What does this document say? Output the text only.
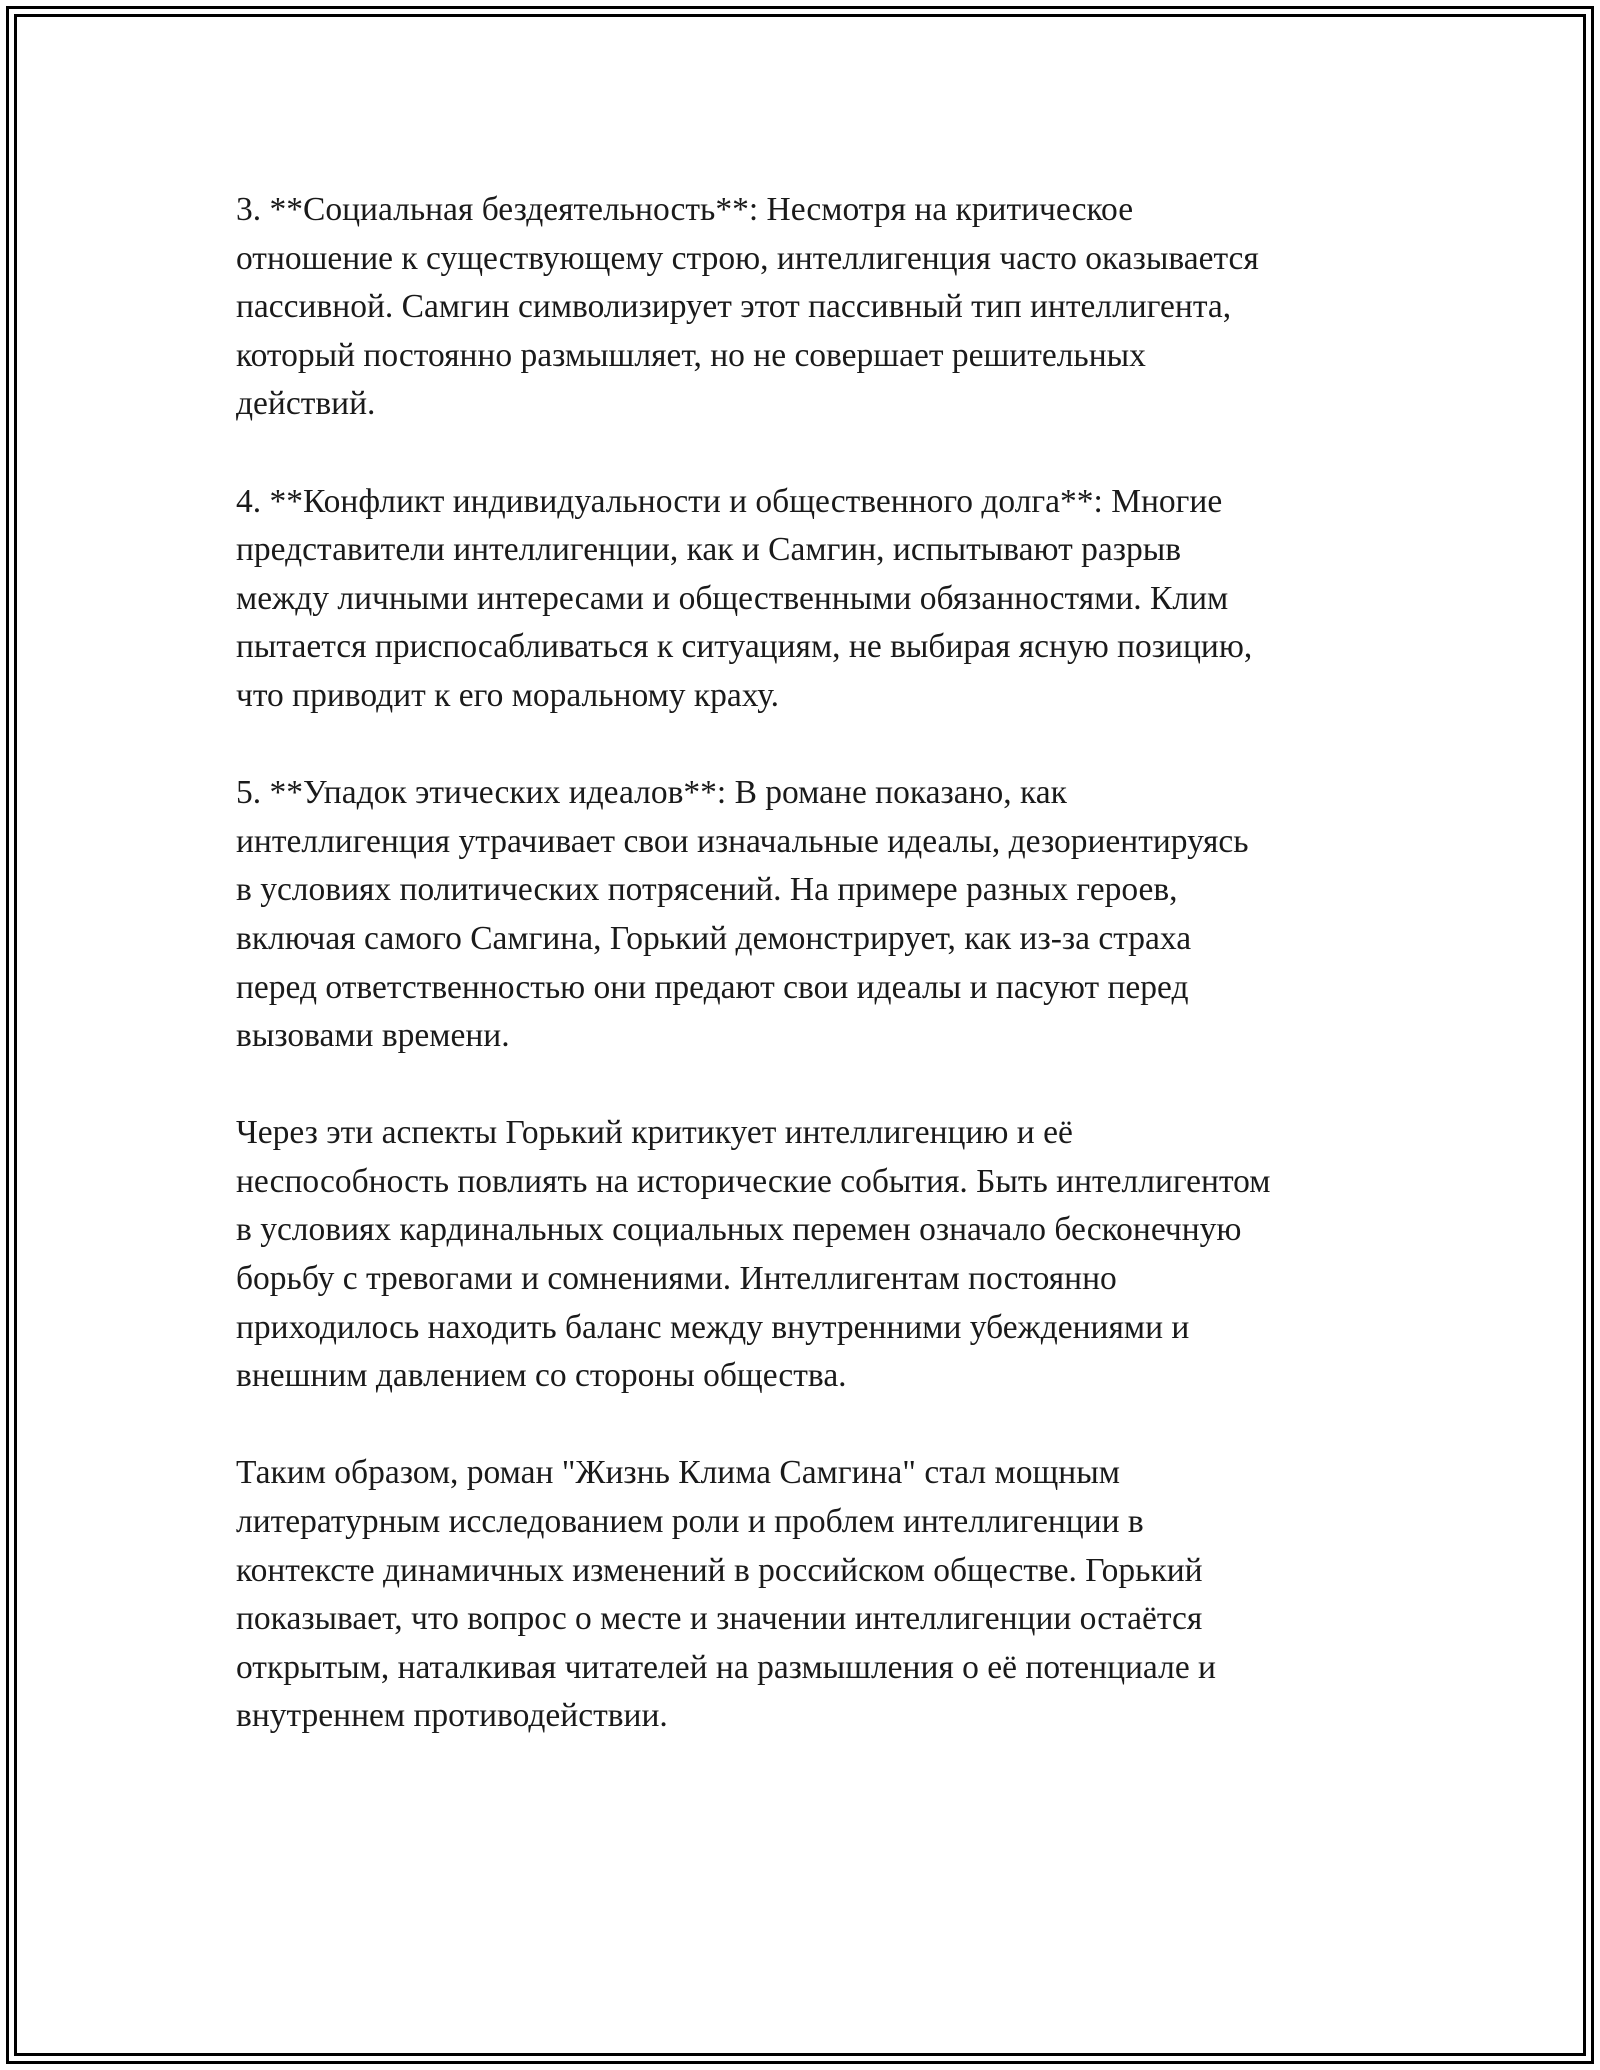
3. **Социальная бездеятельность**: Несмотря на критическое
отношение к существующему строю, интеллигенция часто оказывается
пассивной. Самгин символизирует этот пассивный тип интеллигента,
который постоянно размышляет, но не совершает решительных
действий.

4. **Конфликт индивидуальности и общественного долга**: Многие
представители интеллигенции, как и Самгин, испытывают разрыв
между личными интересами и общественными обязанностями. Клим
пытается приспосабливаться к ситуациям, не выбирая ясную позицию,
что приводит к его моральному краху.

5. **Упадок этических идеалов**: В романе показано, как
интеллигенция утрачивает свои изначальные идеалы, дезориентируясь
в условиях политических потрясений. На примере разных героев,
включая самого Самгина, Горький демонстрирует, как из-за страха
перед ответственностью они предают свои идеалы и пасуют перед
вызовами времени.

Через эти аспекты Горький критикует интеллигенцию и её
неспособность повлиять на исторические события. Быть интеллигентом
в условиях кардинальных социальных перемен означало бесконечную
борьбу с тревогами и сомнениями. Интеллигентам постоянно
приходилось находить баланс между внутренними убеждениями и
внешним давлением со стороны общества.

Таким образом, роман "Жизнь Клима Самгина" стал мощным
литературным исследованием роли и проблем интеллигенции в
контексте динамичных изменений в российском обществе. Горький
показывает, что вопрос о месте и значении интеллигенции остаётся
открытым, наталкивая читателей на размышления о её потенциале и
внутреннем противодействии.
